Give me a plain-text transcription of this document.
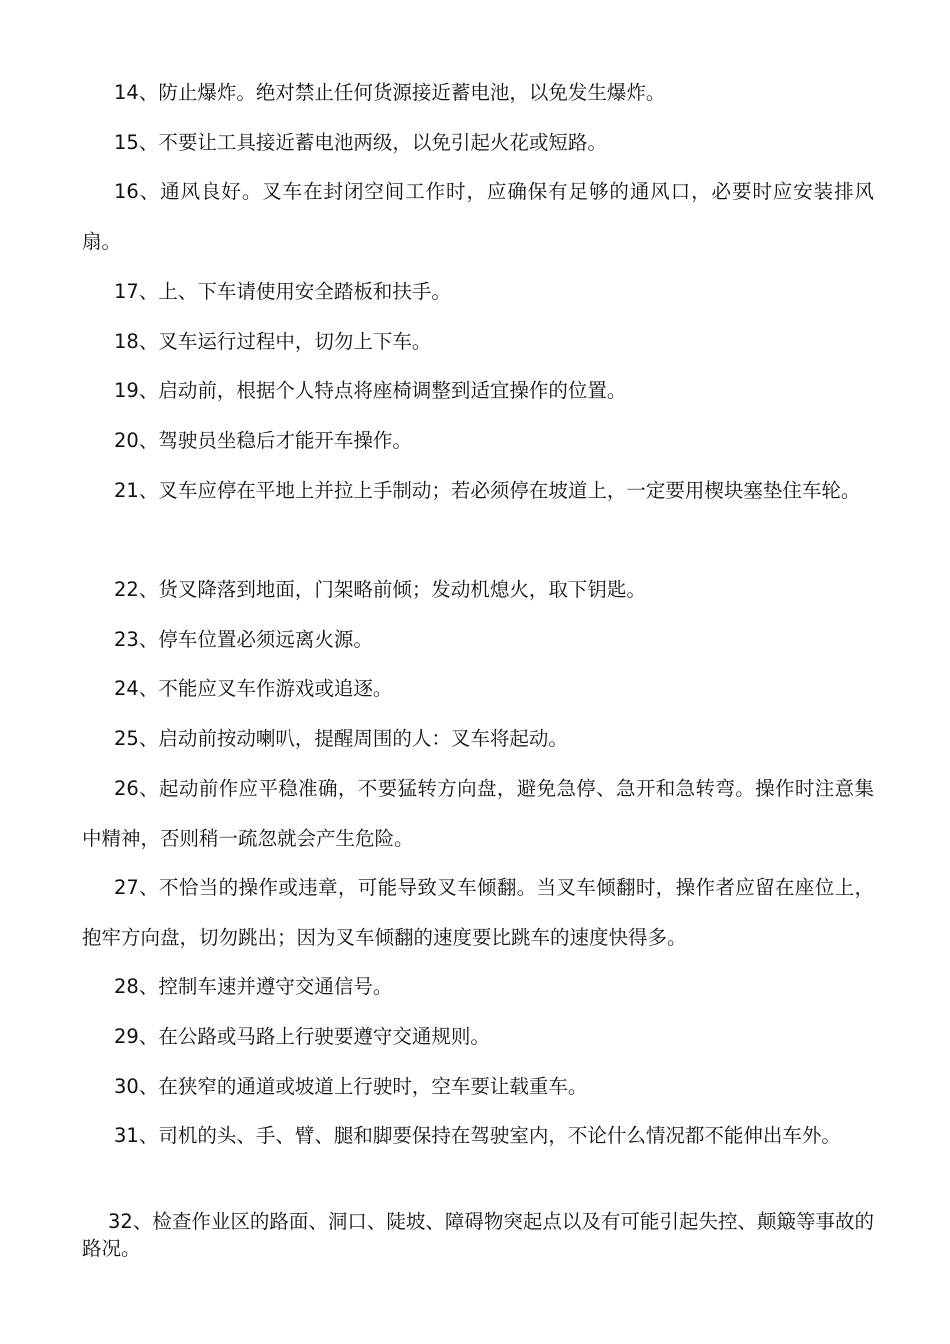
14、防止爆炸。绝对禁止任何货源接近蓄电池，以免发生爆炸。

15、不要让工具接近蓄电池两级，以免引起火花或短路。

16、通风良好。叉车在封闭空间工作时，应确保有足够的通风口，必要时应安装排风扇。

17、上、下车请使用安全踏板和扶手。

18、叉车运行过程中，切勿上下车。

19、启动前，根据个人特点将座椅调整到适宜操作的位置。

20、驾驶员坐稳后才能开车操作。

21、叉车应停在平地上并拉上手制动；若必须停在坡道上，一定要用楔块塞垫住车轮。

22、货叉降落到地面，门架略前倾；发动机熄火，取下钥匙。

23、停车位置必须远离火源。

24、不能应叉车作游戏或追逐。

25、启动前按动喇叭，提醒周围的人：叉车将起动。

26、起动前作应平稳准确，不要猛转方向盘，避免急停、急开和急转弯。操作时注意集中精神，否则稍一疏忽就会产生危险。

27、不恰当的操作或违章，可能导致叉车倾翻。当叉车倾翻时，操作者应留在座位上，抱牢方向盘，切勿跳出；因为叉车倾翻的速度要比跳车的速度快得多。

28、控制车速并遵守交通信号。

29、在公路或马路上行驶要遵守交通规则。

30、在狭窄的通道或坡道上行驶时，空车要让载重车。

31、司机的头、手、臂、腿和脚要保持在驾驶室内，不论什么情况都不能伸出车外。

32、检查作业区的路面、洞口、陡坡、障碍物突起点以及有可能引起失控、颠簸等事故的路况。
